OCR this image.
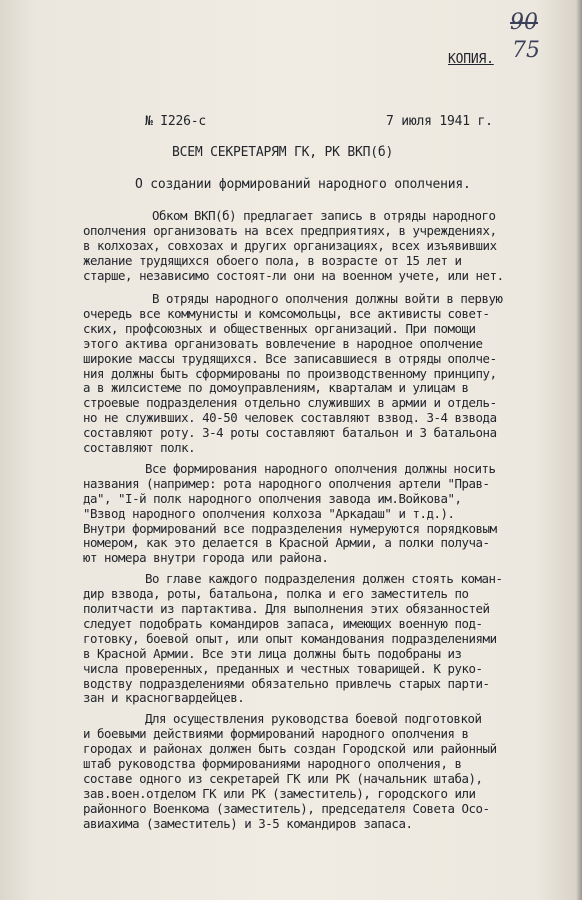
90
75
КОПИЯ.
№ I226-с	7 июля 1941 г.
ВСЕМ СЕКРЕТАРЯМ ГК, РК ВКП(б)
О создании формирований народного ополчения.
Обком ВКП(б) предлагает запись в отряды народного
ополчения организовать на всех предприятиях, в учреждениях,
в колхозах, совхозах и других организациях, всех изъявивших
желание трудящихся обоего пола, в возрасте от 15 лет и
старше, независимо состоят-ли они на военном учете, или нет.
В отряды народного ополчения должны войти в первую
очередь все коммунисты и комсомольцы, все активисты совет-
ских, профсоюзных и общественных организаций. При помощи
этого актива организовать вовлечение в народное ополчение
широкие массы трудящихся. Все записавшиеся в отряды ополче-
ния должны быть сформированы по производственному принципу,
а в жилсистеме по домоуправлениям, кварталам и улицам в
строевые подразделения отдельно служивших в армии и отдель-
но не служивших. 40-50 человек составляют взвод. 3-4 взвода
составляют роту. 3-4 роты составляют батальон и 3 батальона
составляют полк.
Все формирования народного ополчения должны носить
названия (например: рота народного ополчения артели "Прав-
да", "I-й полк народного ополчения завода им.Войкова",
"Взвод народного ополчения колхоза "Аркадаш" и т.д.).
Внутри формирований все подразделения нумеруются порядковым
номером, как это делается в Красной Армии, а полки получа-
ют номера внутри города или района.
Во главе каждого подразделения должен стоять коман-
дир взвода, роты, батальона, полка и его заместитель по
политчасти из партактива. Для выполнения этих обязанностей
следует подобрать командиров запаса, имеющих военную под-
готовку, боевой опыт, или опыт командования подразделениями
в Красной Армии. Все эти лица должны быть подобраны из
числа проверенных, преданных и честных товарищей. К руко-
водству подразделениями обязательно привлечь старых парти-
зан и красногвардейцев.
Для осуществления руководства боевой подготовкой
и боевыми действиями формирований народного ополчения в
городах и районах должен быть создан Городской или районный
штаб руководства формированиями народного ополчения, в
составе одного из секретарей ГК или РК (начальник штаба),
зав.воен.отделом ГК или РК (заместитель), городского или
районного Военкома (заместитель), председателя Совета Осо-
авиахима (заместитель) и 3-5 командиров запаса.
